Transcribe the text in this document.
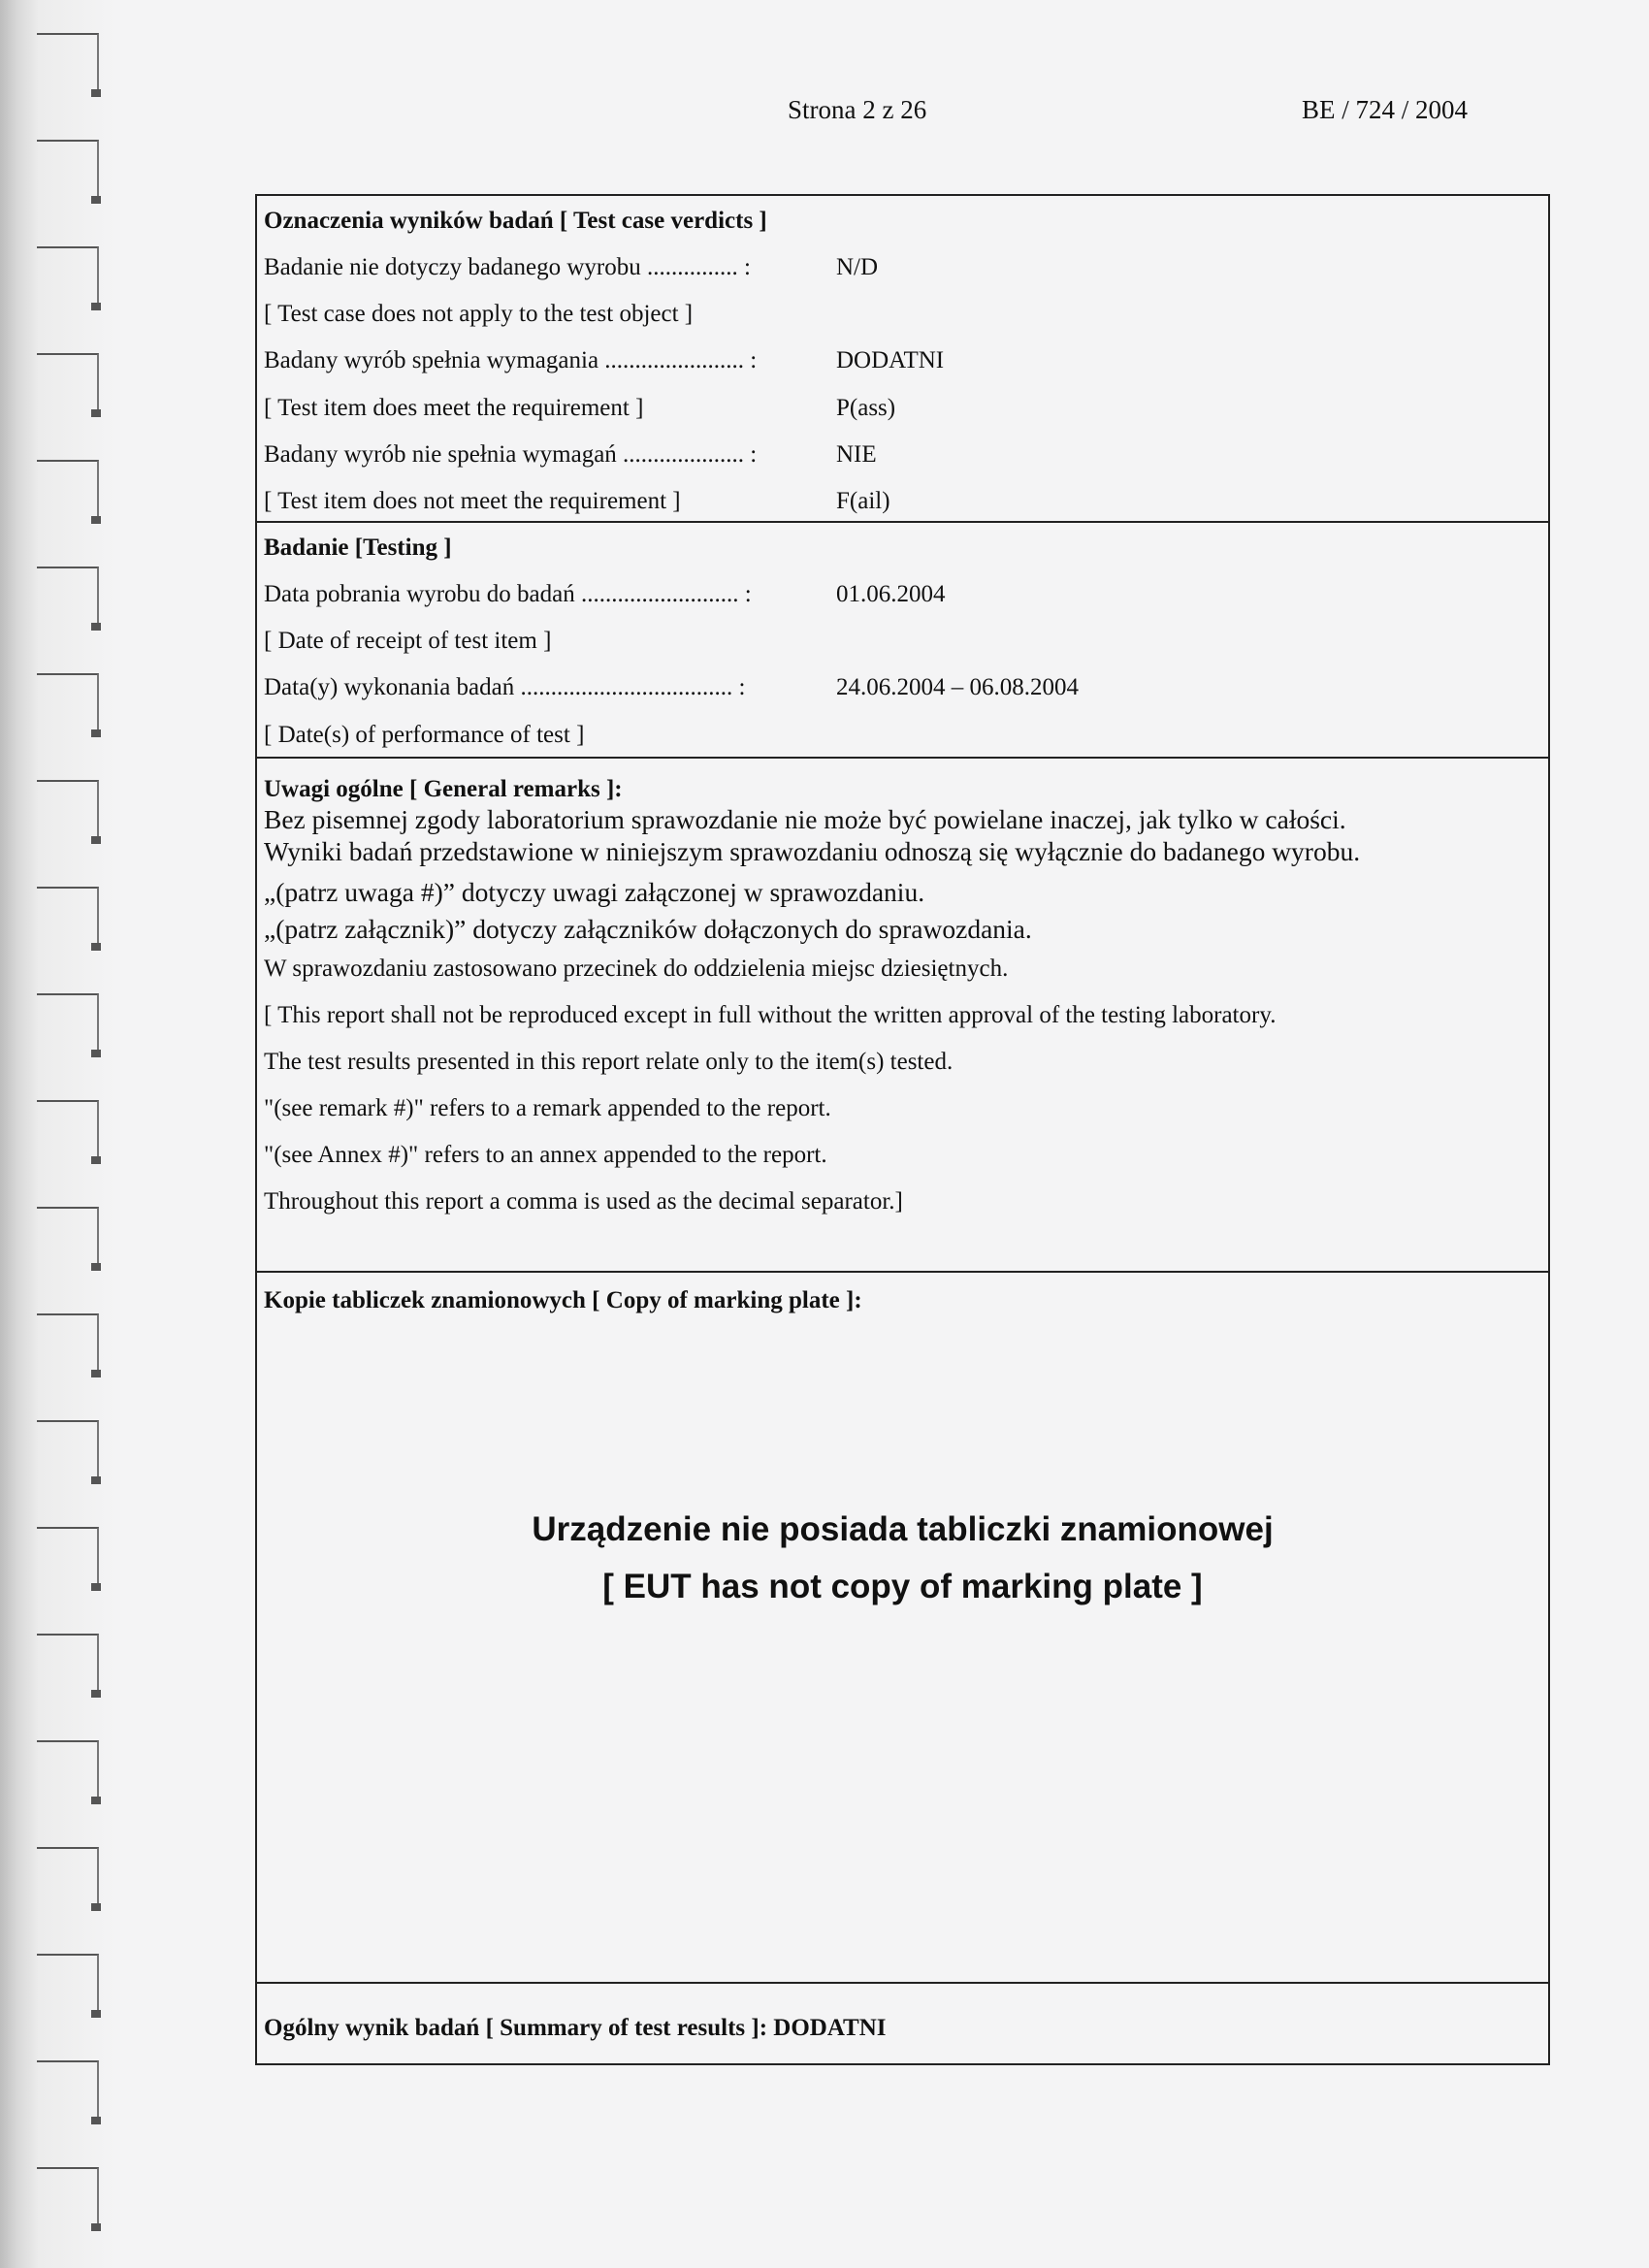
Strona 2 z 26	BE / 724 / 2004
Oznaczenia wyników badań [ Test case verdicts ]
Badanie nie dotyczy badanego wyrobu ............... :	N/D
[ Test case does not apply to the test object ]
Badany wyrób spełnia wymagania ....................... :	DODATNI
[ Test item does meet the requirement ]	P(ass)
Badany wyrób nie spełnia wymagań .................... :	NIE
[ Test item does not meet the requirement ]	F(ail)
Badanie [Testing ]
Data pobrania wyrobu do badań .......................... :	01.06.2004
[ Date of receipt of test item ]
Data(y) wykonania badań ................................... :	24.06.2004 – 06.08.2004
[ Date(s) of performance of test ]
Uwagi ogólne [ General remarks ]:
Bez pisemnej zgody laboratorium sprawozdanie nie może być powielane inaczej, jak tylko w całości.
Wyniki badań przedstawione w niniejszym sprawozdaniu odnoszą się wyłącznie do badanego wyrobu.
„(patrz uwaga #)” dotyczy uwagi załączonej w sprawozdaniu.
„(patrz załącznik)” dotyczy załączników dołączonych do sprawozdania.
W sprawozdaniu zastosowano przecinek do oddzielenia miejsc dziesiętnych.
[ This report shall not be reproduced except in full without the written approval of the testing laboratory.
The test results presented in this report relate only to the item(s) tested.
"(see remark #)" refers to a remark appended to the report.
"(see Annex #)" refers to an annex appended to the report.
Throughout this report a comma is used as the decimal separator.]
Kopie tabliczek znamionowych [ Copy of marking plate ]:
Urządzenie nie posiada tabliczki znamionowej
[ EUT has not copy of marking plate ]
Ogólny wynik badań [ Summary of test results ]: DODATNI
